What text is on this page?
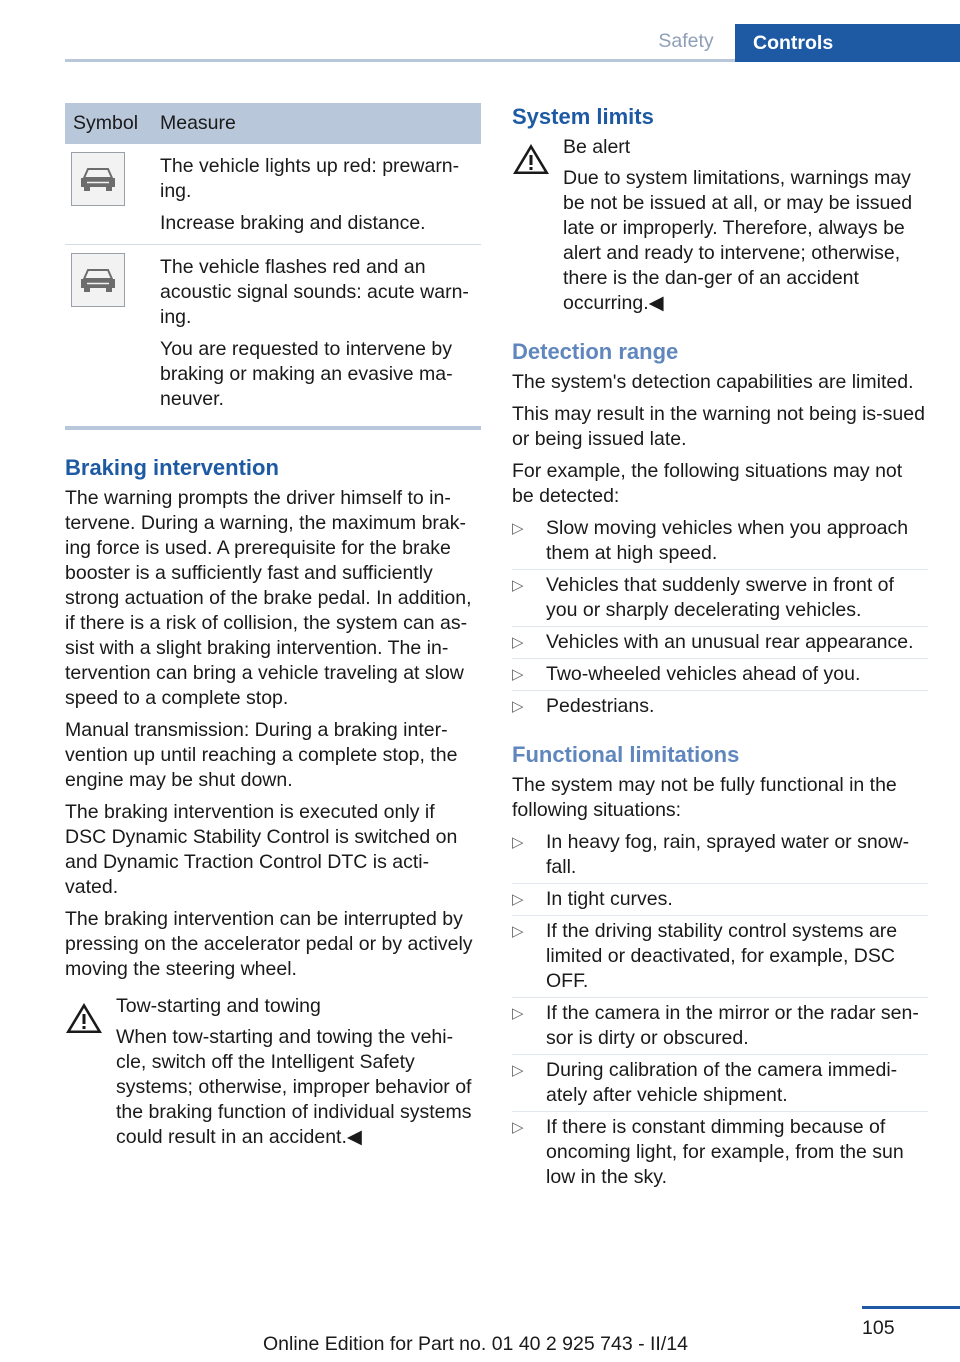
Safety	Controls
Symbol	Measure

The vehicle lights up red: prewarn-ing.

Increase braking and distance.

The vehicle flashes red and an acoustic signal sounds: acute warn-ing.

You are requested to intervene by braking or making an evasive ma-neuver.

Braking intervention

The warning prompts the driver himself to in-tervene. During a warning, the maximum brak-ing force is used. A prerequisite for the brake booster is a sufficiently fast and sufficiently strong actuation of the brake pedal. In addition, if there is a risk of collision, the system can as-sist with a slight braking intervention. The in-tervention can bring a vehicle traveling at slow speed to a complete stop.

Manual transmission: During a braking inter-vention up until reaching a complete stop, the engine may be shut down.

The braking intervention is executed only if DSC Dynamic Stability Control is switched on and Dynamic Traction Control DTC is acti-vated.

The braking intervention can be interrupted by pressing on the accelerator pedal or by actively moving the steering wheel.

Tow-starting and towing
When tow-starting and towing the vehi-cle, switch off the Intelligent Safety systems; otherwise, improper behavior of the braking function of individual systems could result in an accident.◀
System limits
Be alert
Due to system limitations, warnings may be not be issued at all, or may be issued late or improperly. Therefore, always be alert and ready to intervene; otherwise, there is the dan-ger of an accident occurring.◀
Detection range

The system's detection capabilities are limited.

This may result in the warning not being is-sued or being issued late.

For example, the following situations may not be detected:

▷ Slow moving vehicles when you approach them at high speed.
▷ Vehicles that suddenly swerve in front of you or sharply decelerating vehicles.
▷ Vehicles with an unusual rear appearance.
▷ Two-wheeled vehicles ahead of you.
▷ Pedestrians.
Functional limitations

The system may not be fully functional in the following situations:

▷ In heavy fog, rain, sprayed water or snow-fall.
▷ In tight curves.
▷ If the driving stability control systems are limited or deactivated, for example, DSC OFF.
▷ If the camera in the mirror or the radar sen-sor is dirty or obscured.
▷ During calibration of the camera immedi-ately after vehicle shipment.
▷ If there is constant dimming because of oncoming light, for example, from the sun low in the sky.
105
Online Edition for Part no. 01 40 2 925 743 - II/14
